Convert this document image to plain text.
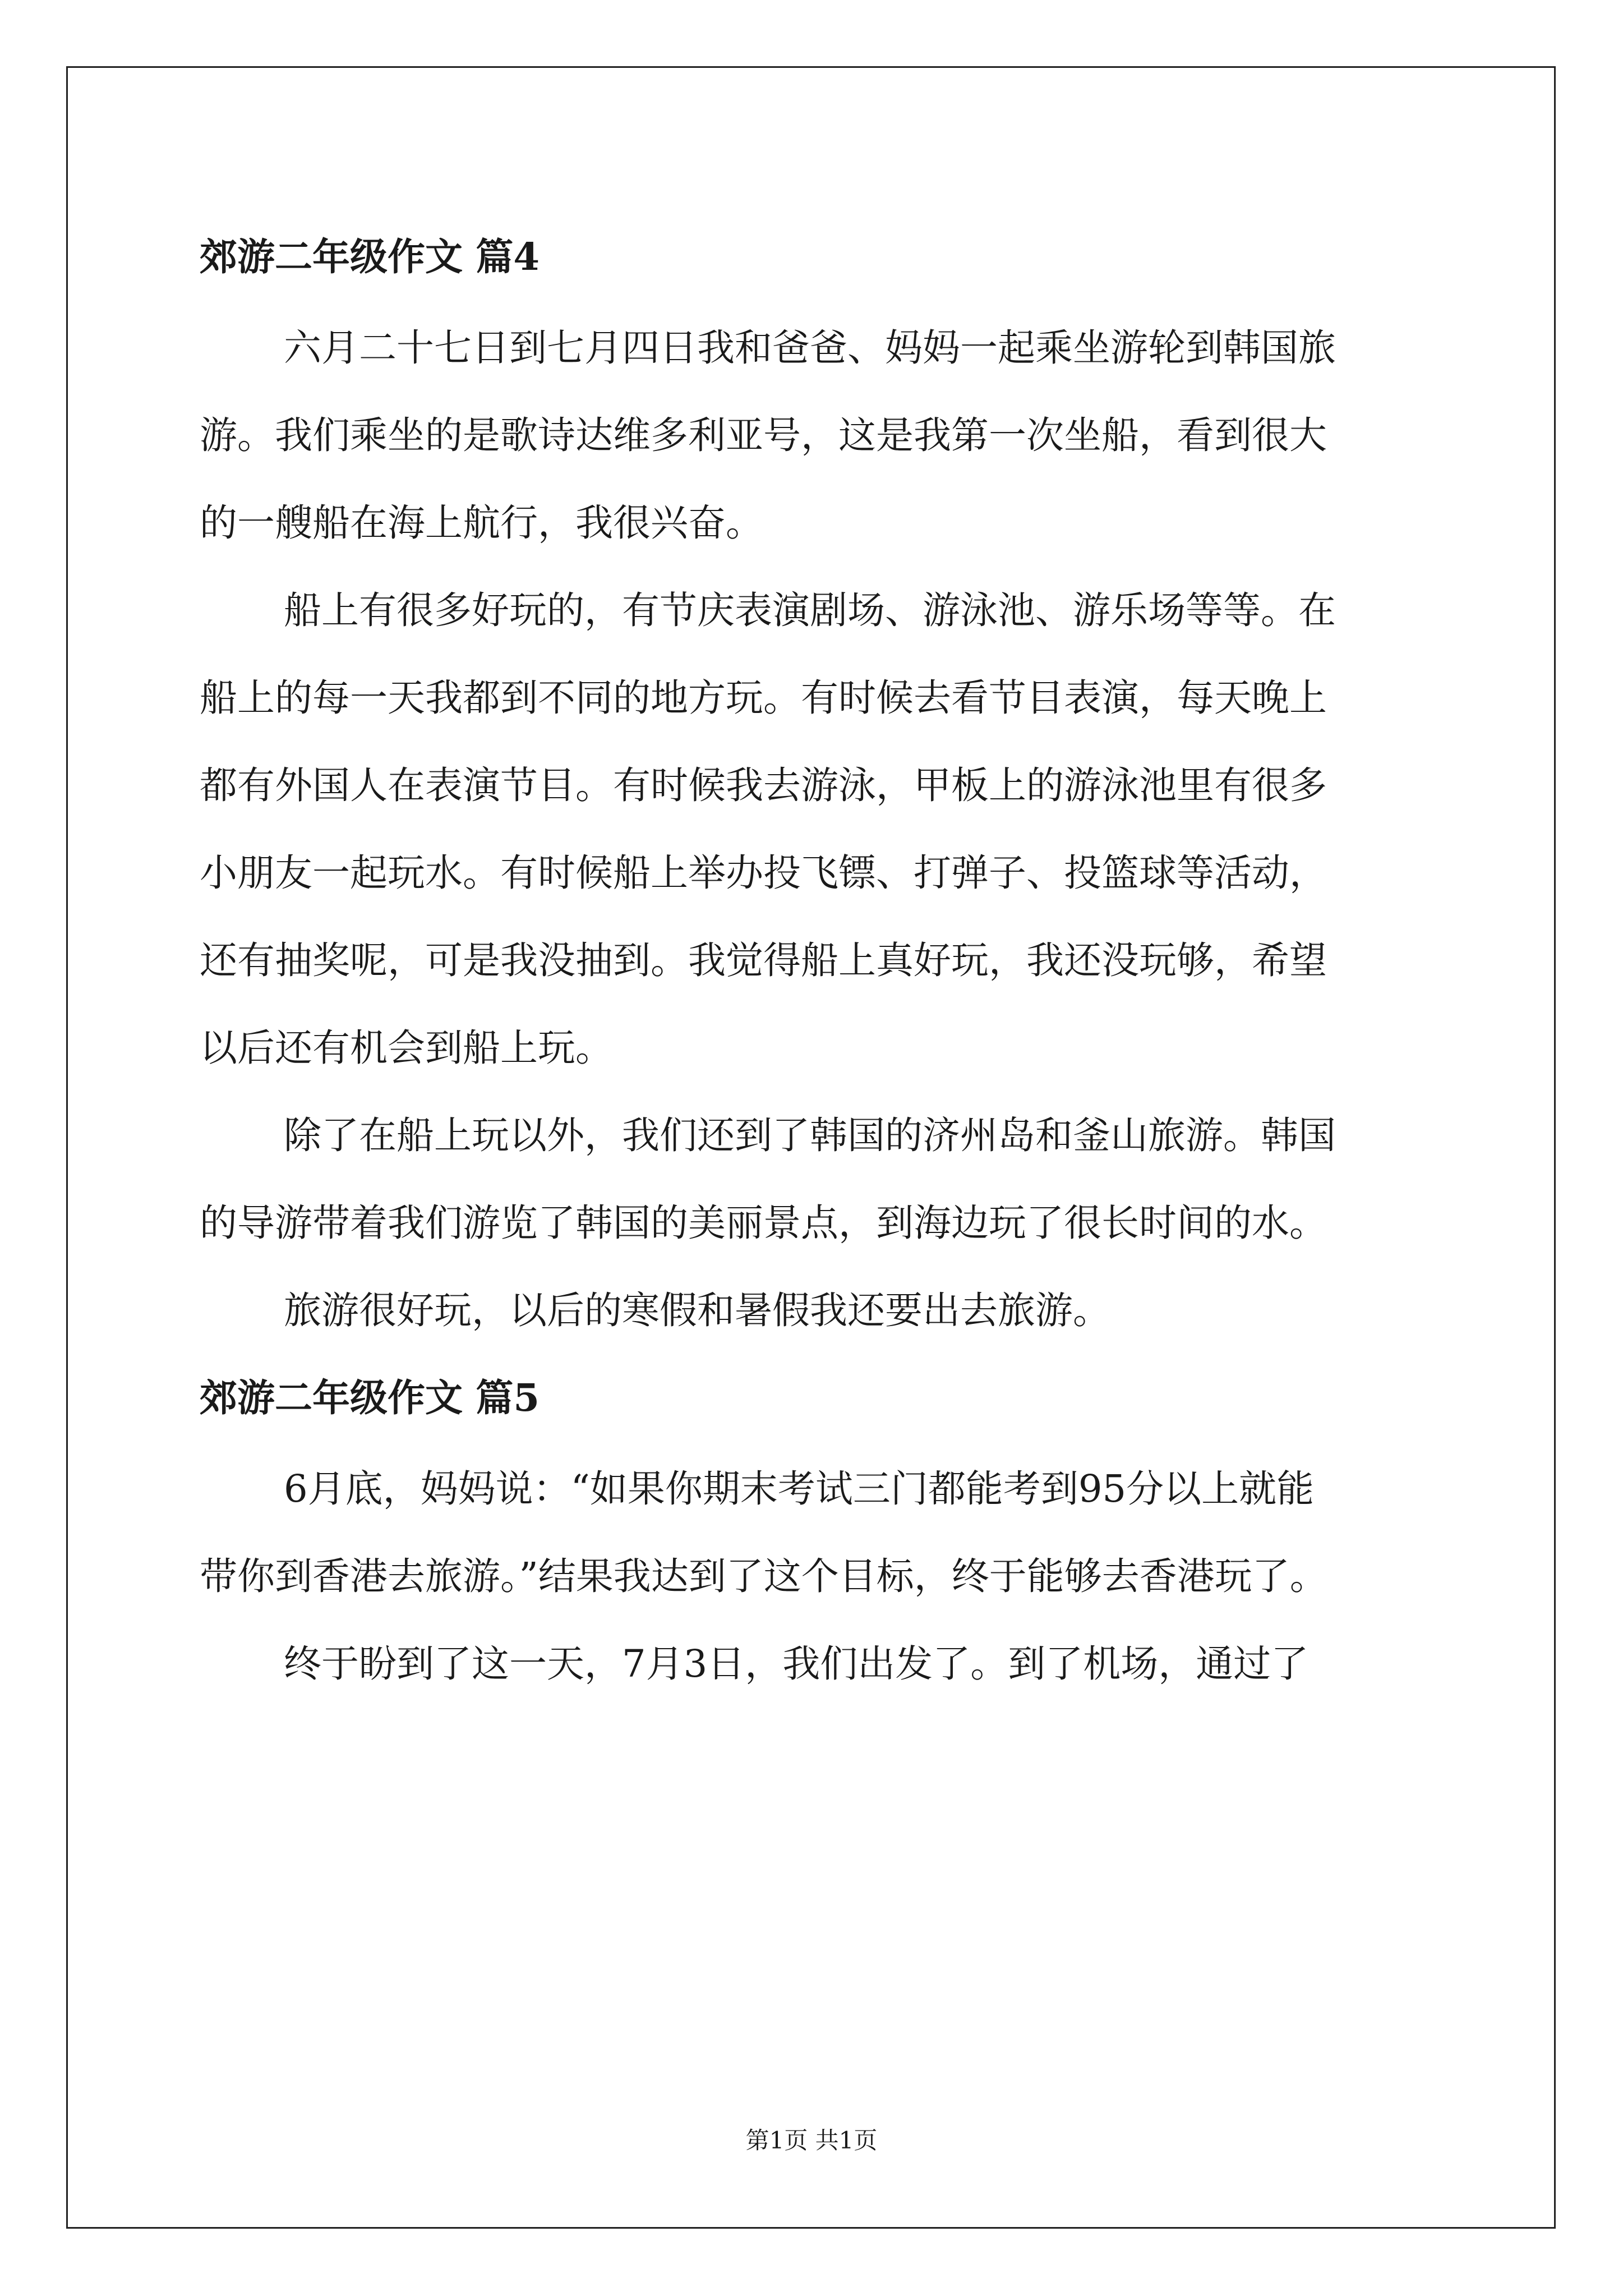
郊游二年级作文 篇4

六月二十七日到七月四日我和爸爸、妈妈一起乘坐游轮到韩国旅

游。我们乘坐的是歌诗达维多利亚号，这是我第一次坐船，看到很大

的一艘船在海上航行，我很兴奋。

船上有很多好玩的，有节庆表演剧场、游泳池、游乐场等等。在

船上的每一天我都到不同的地方玩。有时候去看节目表演，每天晚上

都有外国人在表演节目。有时候我去游泳，甲板上的游泳池里有很多

小朋友一起玩水。有时候船上举办投飞镖、打弹子、投篮球等活动，

还有抽奖呢，可是我没抽到。我觉得船上真好玩，我还没玩够，希望

以后还有机会到船上玩。

除了在船上玩以外，我们还到了韩国的济州岛和釜山旅游。韩国

的导游带着我们游览了韩国的美丽景点，到海边玩了很长时间的水。

旅游很好玩，以后的寒假和暑假我还要出去旅游。

郊游二年级作文 篇5

6月底，妈妈说：“如果你期末考试三门都能考到95分以上就能

带你到香港去旅游。”结果我达到了这个目标，终于能够去香港玩了。

终于盼到了这一天，7月3日，我们出发了。到了机场，通过了

第1页 共1页
